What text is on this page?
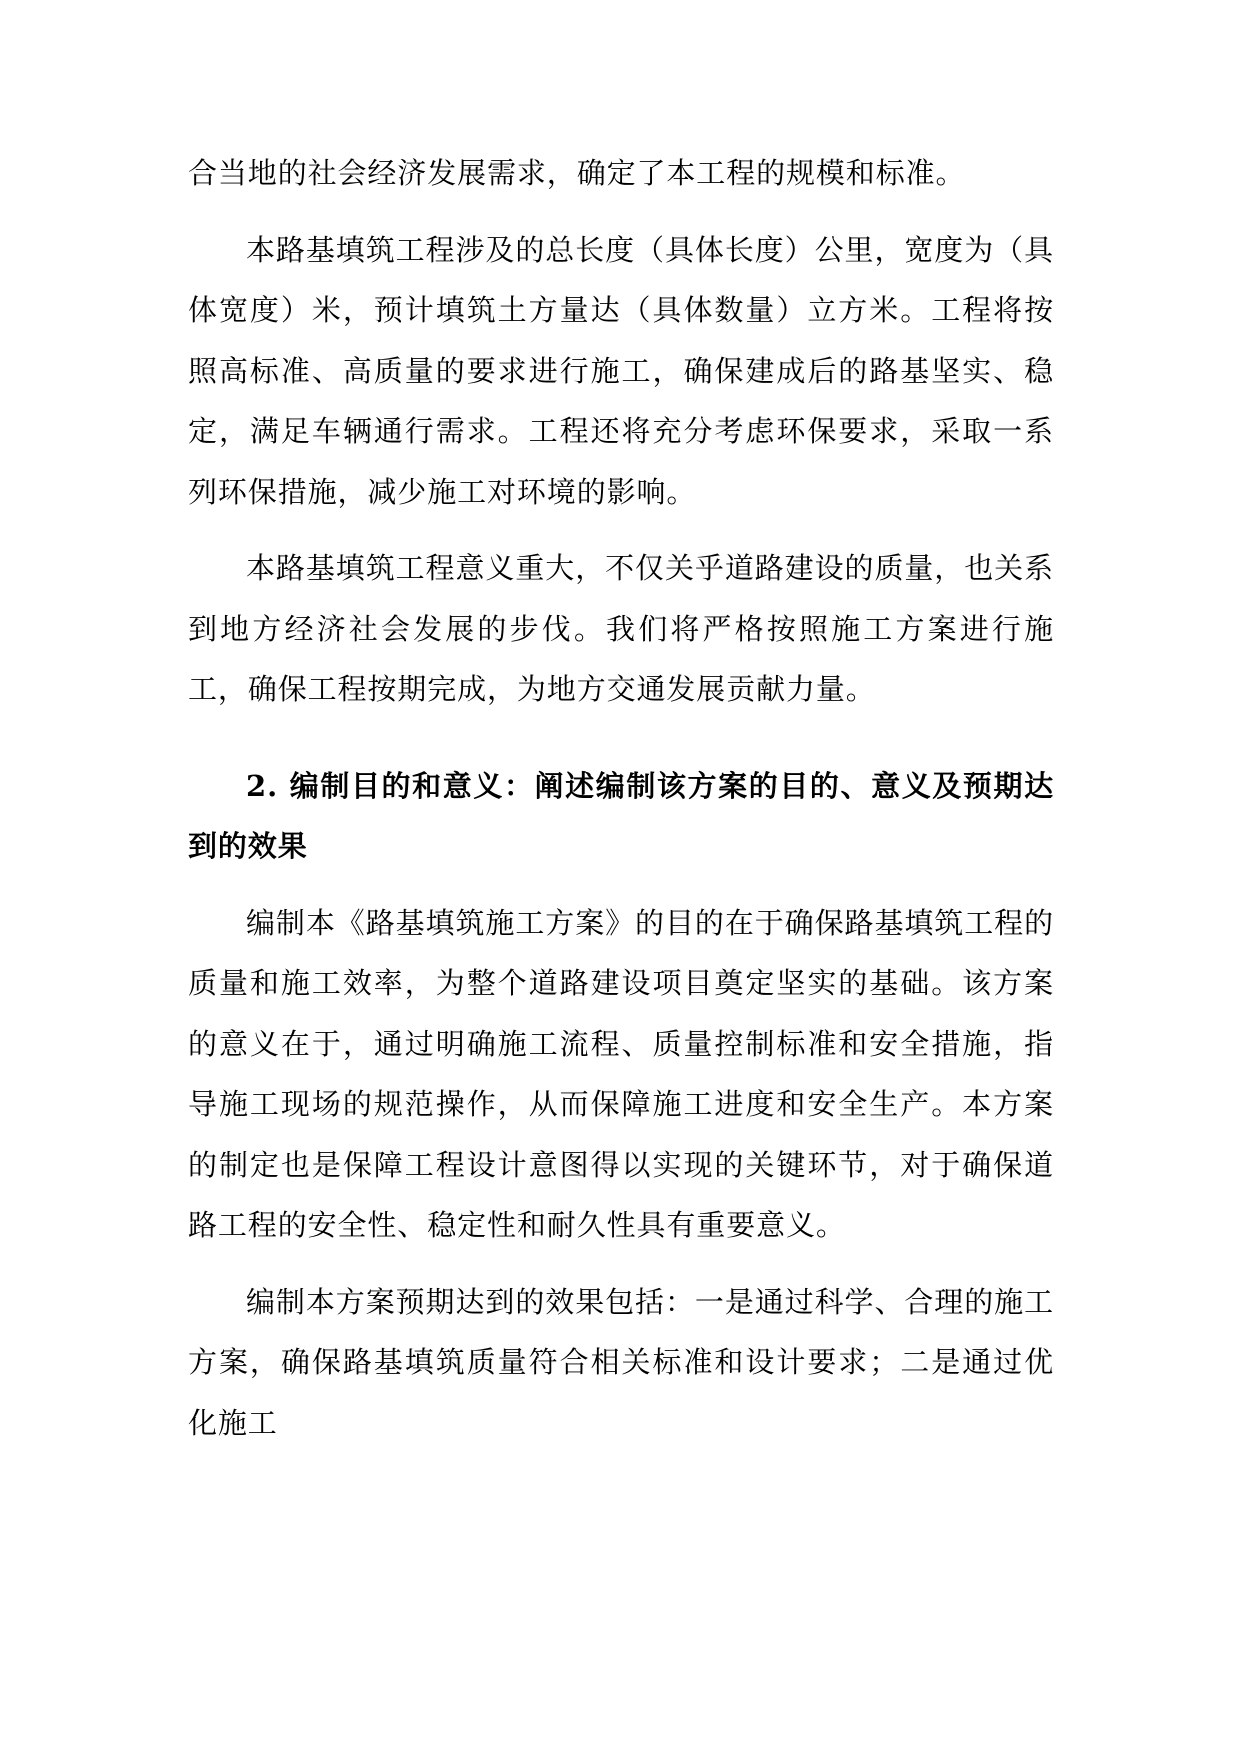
合当地的社会经济发展需求，确定了本工程的规模和标准。

本路基填筑工程涉及的总长度（具体长度）公里，宽度为（具体宽度）米，预计填筑土方量达（具体数量）立方米。工程将按照高标准、高质量的要求进行施工，确保建成后的路基坚实、稳定，满足车辆通行需求。工程还将充分考虑环保要求，采取一系列环保措施，减少施工对环境的影响。

本路基填筑工程意义重大，不仅关乎道路建设的质量，也关系到地方经济社会发展的步伐。我们将严格按照施工方案进行施工，确保工程按期完成，为地方交通发展贡献力量。

2. 编制目的和意义：阐述编制该方案的目的、意义及预期达到的效果

编制本《路基填筑施工方案》的目的在于确保路基填筑工程的质量和施工效率，为整个道路建设项目奠定坚实的基础。该方案的意义在于，通过明确施工流程、质量控制标准和安全措施，指导施工现场的规范操作，从而保障施工进度和安全生产。本方案的制定也是保障工程设计意图得以实现的关键环节，对于确保道路工程的安全性、稳定性和耐久性具有重要意义。

编制本方案预期达到的效果包括：一是通过科学、合理的施工方案，确保路基填筑质量符合相关标准和设计要求；二是通过优化施工
